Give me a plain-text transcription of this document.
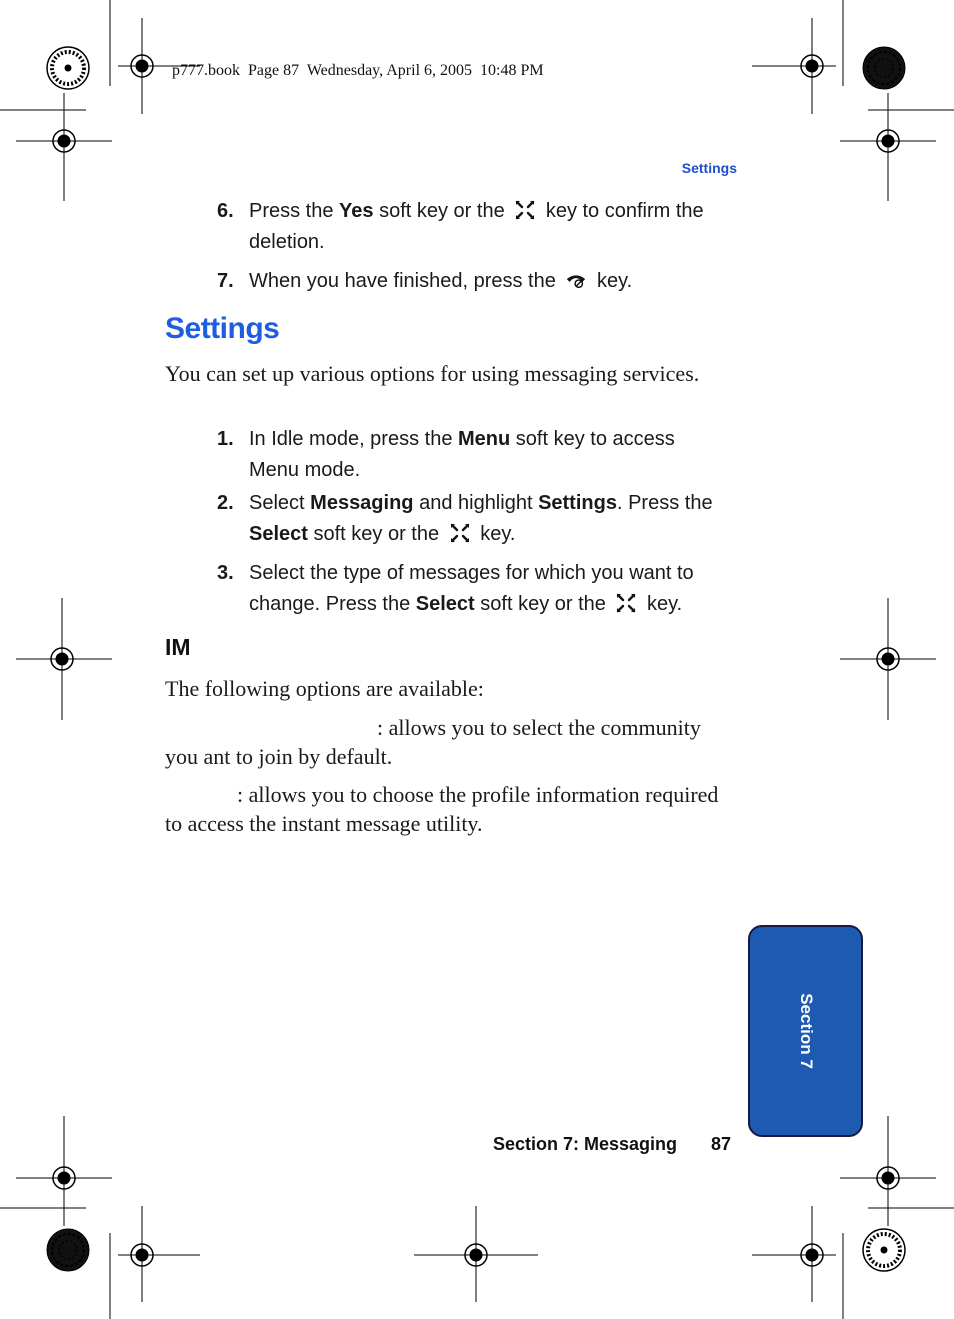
p777.book  Page 87  Wednesday, April 6, 2005  10:48 PM
Settings
6. Press the Yes soft key or the  key to confirm the deletion.
7. When you have finished, press the  key.
Settings
You can set up various options for using messaging services.
1. In Idle mode, press the Menu soft key to access Menu mode.
2. Select Messaging and highlight Settings. Press the Select soft key or the  key.
3. Select the type of messages for which you want to change. Press the Select soft key or the  key.
IM
The following options are available:
: allows you to select the community you ant to join by default.
: allows you to choose the profile information required to access the instant message utility.
Section 7
Section 7: Messaging 87
